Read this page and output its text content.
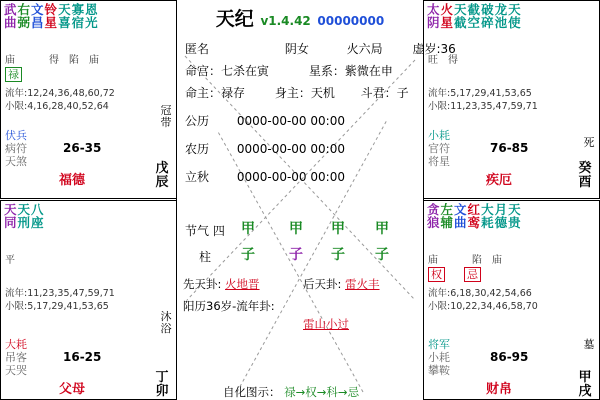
武
曲
右
弼
文
昌
铃
星
天
喜
寡
宿
恩
光
庙	得 陷 庙
禄
流年:12,24,36,48,60,72
小限:4,16,28,40,52,64	冠带
伏兵
病符
天煞
26-35
福德
戊辰
太
阴
火
星
天
截
截
空
破
碎
龙
池
天
使
旺 得
流年:5,17,29,41,53,65
小限:11,23,35,47,59,71
死
小耗
官符
将星
76-85
疾厄
癸酉
天
同
天
刑
八
座
平
流年:11,23,35,47,59,71
小限:5,17,29,41,53,65
沐浴
大耗
吊客
天哭
16-25
父母
丁卯
贪
狼
左
辅
文
曲
红
鸾
大
耗
月
德
天
贵
庙	陷 庙
权 忌
流年:6,18,30,42,54,66
小限:10,22,34,46,58,70
墓
将军
小耗
攀鞍
86-95
财帛
甲戌
天纪 v1.4.42 00000000
匿名	阴女	火六局 虚岁:36
命宫：七杀在寅	星系：紫微在申
命主：禄存 身主：天机 斗君：子
公历 0000-00-00 00:00
农历 0000-00-00 00:00
立秋 0000-00-00 00:00
节气 四
柱
甲
子 子
甲 甲
子
甲
子
先天卦: 火地晋	后天卦: 雷火丰
阳历36岁-流年卦:
雷山小过
自化图示： 禄→权→科→忌
